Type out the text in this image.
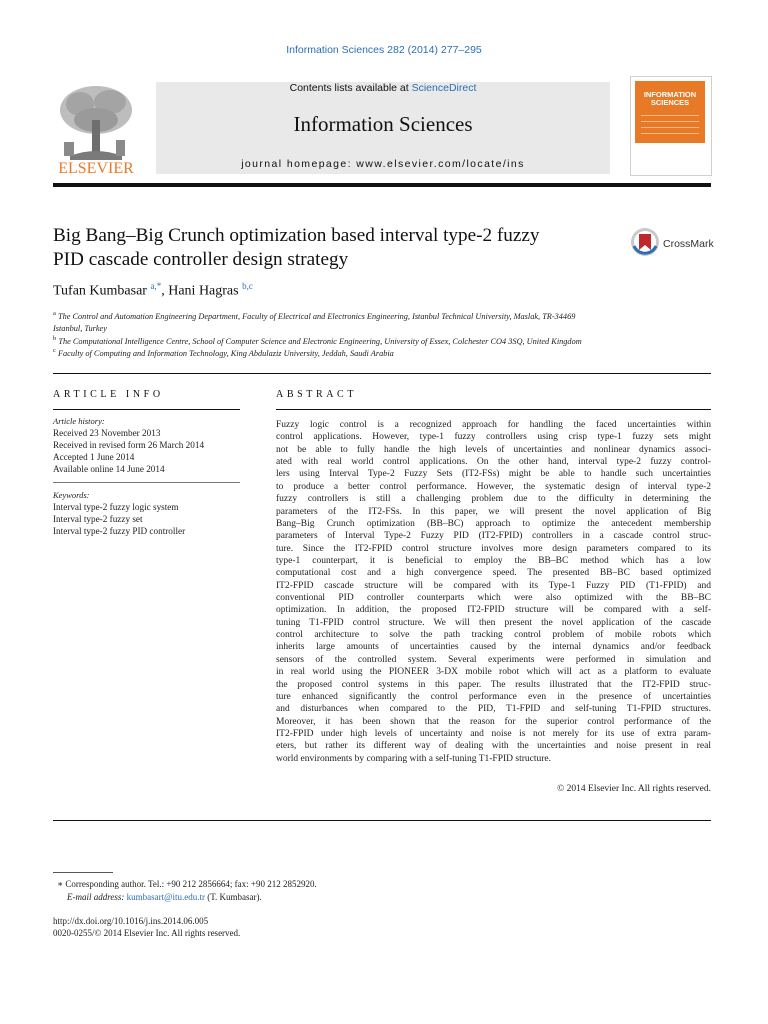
Information Sciences 282 (2014) 277–295
ELSEVIER
Contents lists available at ScienceDirect
Information Sciences
journal homepage: www.elsevier.com/locate/ins
INFORMATION SCIENCES
Big Bang–Big Crunch optimization based interval type-2 fuzzy
PID cascade controller design strategy
CrossMark
Tufan Kumbasar $^{a,*}$, Hani Hagras $^{b,c}$
$^a$ The Control and Automation Engineering Department, Faculty of Electrical and Electronics Engineering, Istanbul Technical University, Maslak, TR-34469
Istanbul, Turkey
$^b$ The Computational Intelligence Centre, School of Computer Science and Electronic Engineering, University of Essex, Colchester CO4 3SQ, United Kingdom
$^c$ Faculty of Computing and Information Technology, King Abdulaziz University, Jeddah, Saudi Arabia
ARTICLE INFO
Article history:
Received 23 November 2013
Received in revised form 26 March 2014
Accepted 1 June 2014
Available online 14 June 2014
Keywords:
Interval type-2 fuzzy logic system
Interval type-2 fuzzy set
Interval type-2 fuzzy PID controller
ABSTRACT
Fuzzy logic control is a recognized approach for handling the faced uncertainties within
control applications. However, type-1 fuzzy controllers using crisp type-1 fuzzy sets might
not be able to fully handle the high levels of uncertainties and nonlinear dynamics associ-
ated with real world control applications. On the other hand, interval type-2 fuzzy control-
lers using Interval Type-2 Fuzzy Sets (IT2-FSs) might be able to handle such uncertainties
to produce a better control performance. However, the systematic design of interval type-2
fuzzy controllers is still a challenging problem due to the difficulty in determining the
parameters of the IT2-FSs. In this paper, we will present the novel application of Big
Bang–Big Crunch optimization (BB–BC) approach to optimize the antecedent membership
parameters of Interval Type-2 Fuzzy PID (IT2-FPID) controllers in a cascade control struc-
ture. Since the IT2-FPID control structure involves more design parameters compared to its
type-1 counterpart, it is beneficial to employ the BB–BC method which has a low
computational cost and a high convergence speed. The presented BB–BC based optimized
IT2-FPID cascade structure will be compared with its Type-1 Fuzzy PID (T1-FPID) and
conventional PID controller counterparts which were also optimized with the BB–BC
optimization. In addition, the proposed IT2-FPID structure will be compared with a self-
tuning T1-FPID control structure. We will then present the novel application of the cascade
control architecture to solve the path tracking control problem of mobile robots which
inherits large amounts of uncertainties caused by the internal dynamics and/or feedback
sensors of the controlled system. Several experiments were performed in simulation and
in real world using the PIONEER 3-DX mobile robot which will act as a platform to evaluate
the proposed control systems in this paper. The results illustrated that the IT2-FPID struc-
ture enhanced significantly the control performance even in the presence of uncertainties
and disturbances when compared to the PID, T1-FPID and self-tuning T1-FPID structures.
Moreover, it has been shown that the reason for the superior control performance of the
IT2-FPID under high levels of uncertainty and noise is not merely for its use of extra param-
eters, but rather its different way of dealing with the uncertainties and noise present in real
world environments by comparing with a self-tuning T1-FPID structure.
© 2014 Elsevier Inc. All rights reserved.
∗ Corresponding author. Tel.: +90 212 2856664; fax: +90 212 2852920.
E-mail address: kumbasart@itu.edu.tr (T. Kumbasar).
http://dx.doi.org/10.1016/j.ins.2014.06.005
0020-0255/© 2014 Elsevier Inc. All rights reserved.
